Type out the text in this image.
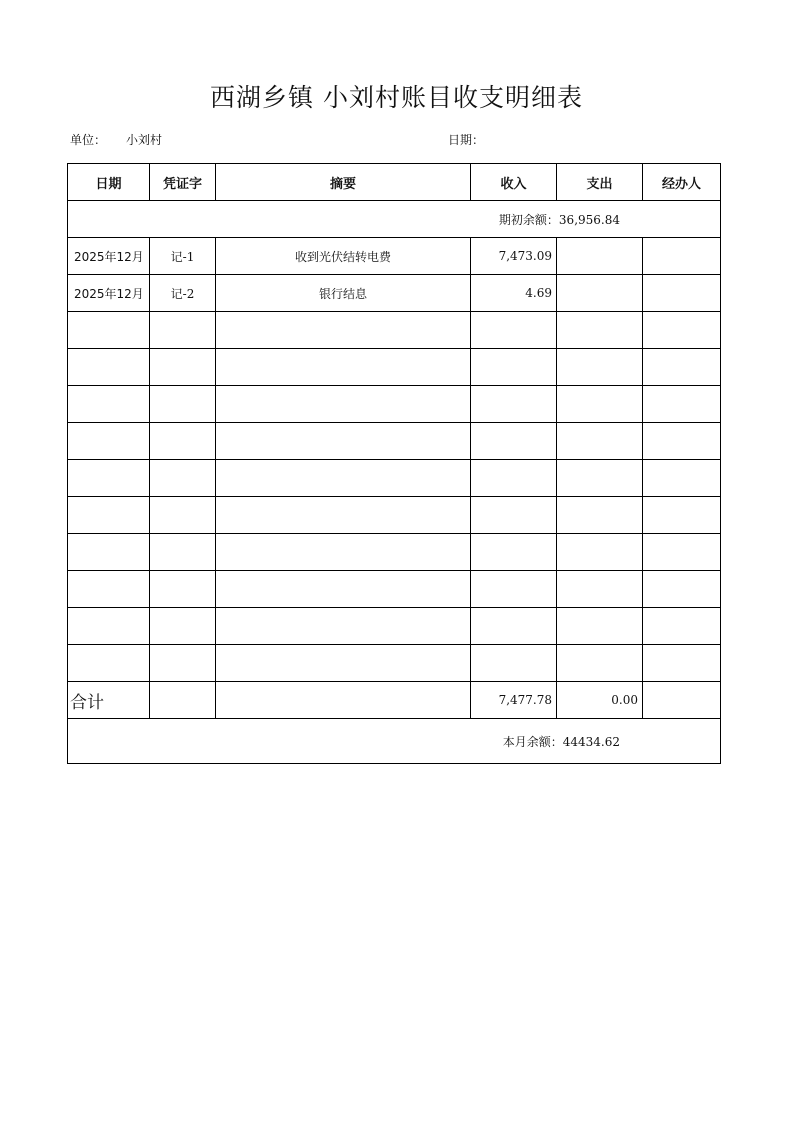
西湖乡镇 小刘村账目收支明细表
单位： 小刘村	日期：
日期	凭证字	摘要	收入	支出	经办人
期初余额：36,956.84					
2025年12月	记-1	收到光伏结转电费	7,473.09		
2025年12月	记-2	银行结息	4.69		

合计			7,477.78	0.00	
本月余额：44434.62					
